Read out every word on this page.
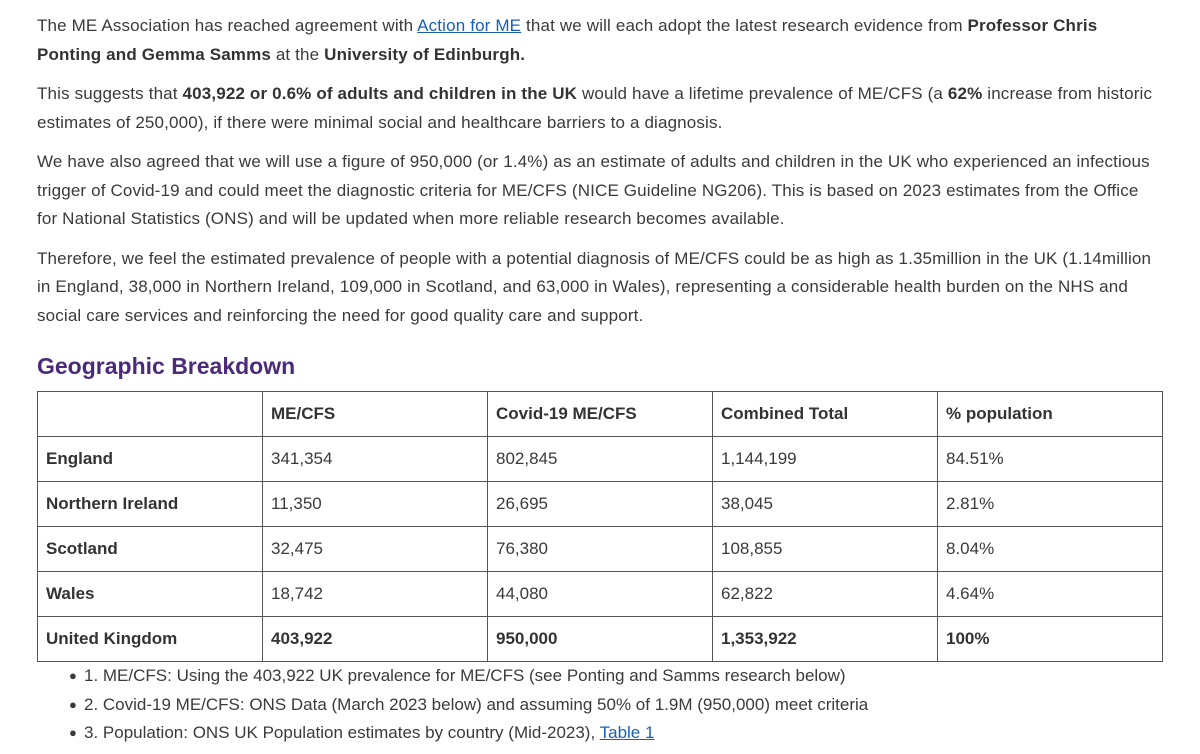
The ME Association has reached agreement with Action for ME that we will each adopt the latest research evidence from Professor Chris Ponting and Gemma Samms at the University of Edinburgh.

This suggests that 403,922 or 0.6% of adults and children in the UK would have a lifetime prevalence of ME/CFS (a 62% increase from historic estimates of 250,000), if there were minimal social and healthcare barriers to a diagnosis.

We have also agreed that we will use a figure of 950,000 (or 1.4%) as an estimate of adults and children in the UK who experienced an infectious trigger of Covid-19 and could meet the diagnostic criteria for ME/CFS (NICE Guideline NG206). This is based on 2023 estimates from the Office for National Statistics (ONS) and will be updated when more reliable research becomes available.

Therefore, we feel the estimated prevalence of people with a potential diagnosis of ME/CFS could be as high as 1.35million in the UK (1.14million in England, 38,000 in Northern Ireland, 109,000 in Scotland, and 63,000 in Wales), representing a considerable health burden on the NHS and social care services and reinforcing the need for good quality care and support.

Geographic Breakdown
	ME/CFS	Covid-19 ME/CFS	Combined Total	% population
England	341,354	802,845	1,144,199	84.51%
Northern Ireland	11,350	26,695	38,045	2.81%
Scotland	32,475	76,380	108,855	8.04%
Wales	18,742	44,080	62,822	4.64%
United Kingdom	403,922	950,000	1,353,922	100%
● 1. ME/CFS: Using the 403,922 UK prevalence for ME/CFS (see Ponting and Samms research below)
● 2. Covid-19 ME/CFS: ONS Data (March 2023 below) and assuming 50% of 1.9M (950,000) meet criteria
● 3. Population: ONS UK Population estimates by country (Mid-2023), Table 1
